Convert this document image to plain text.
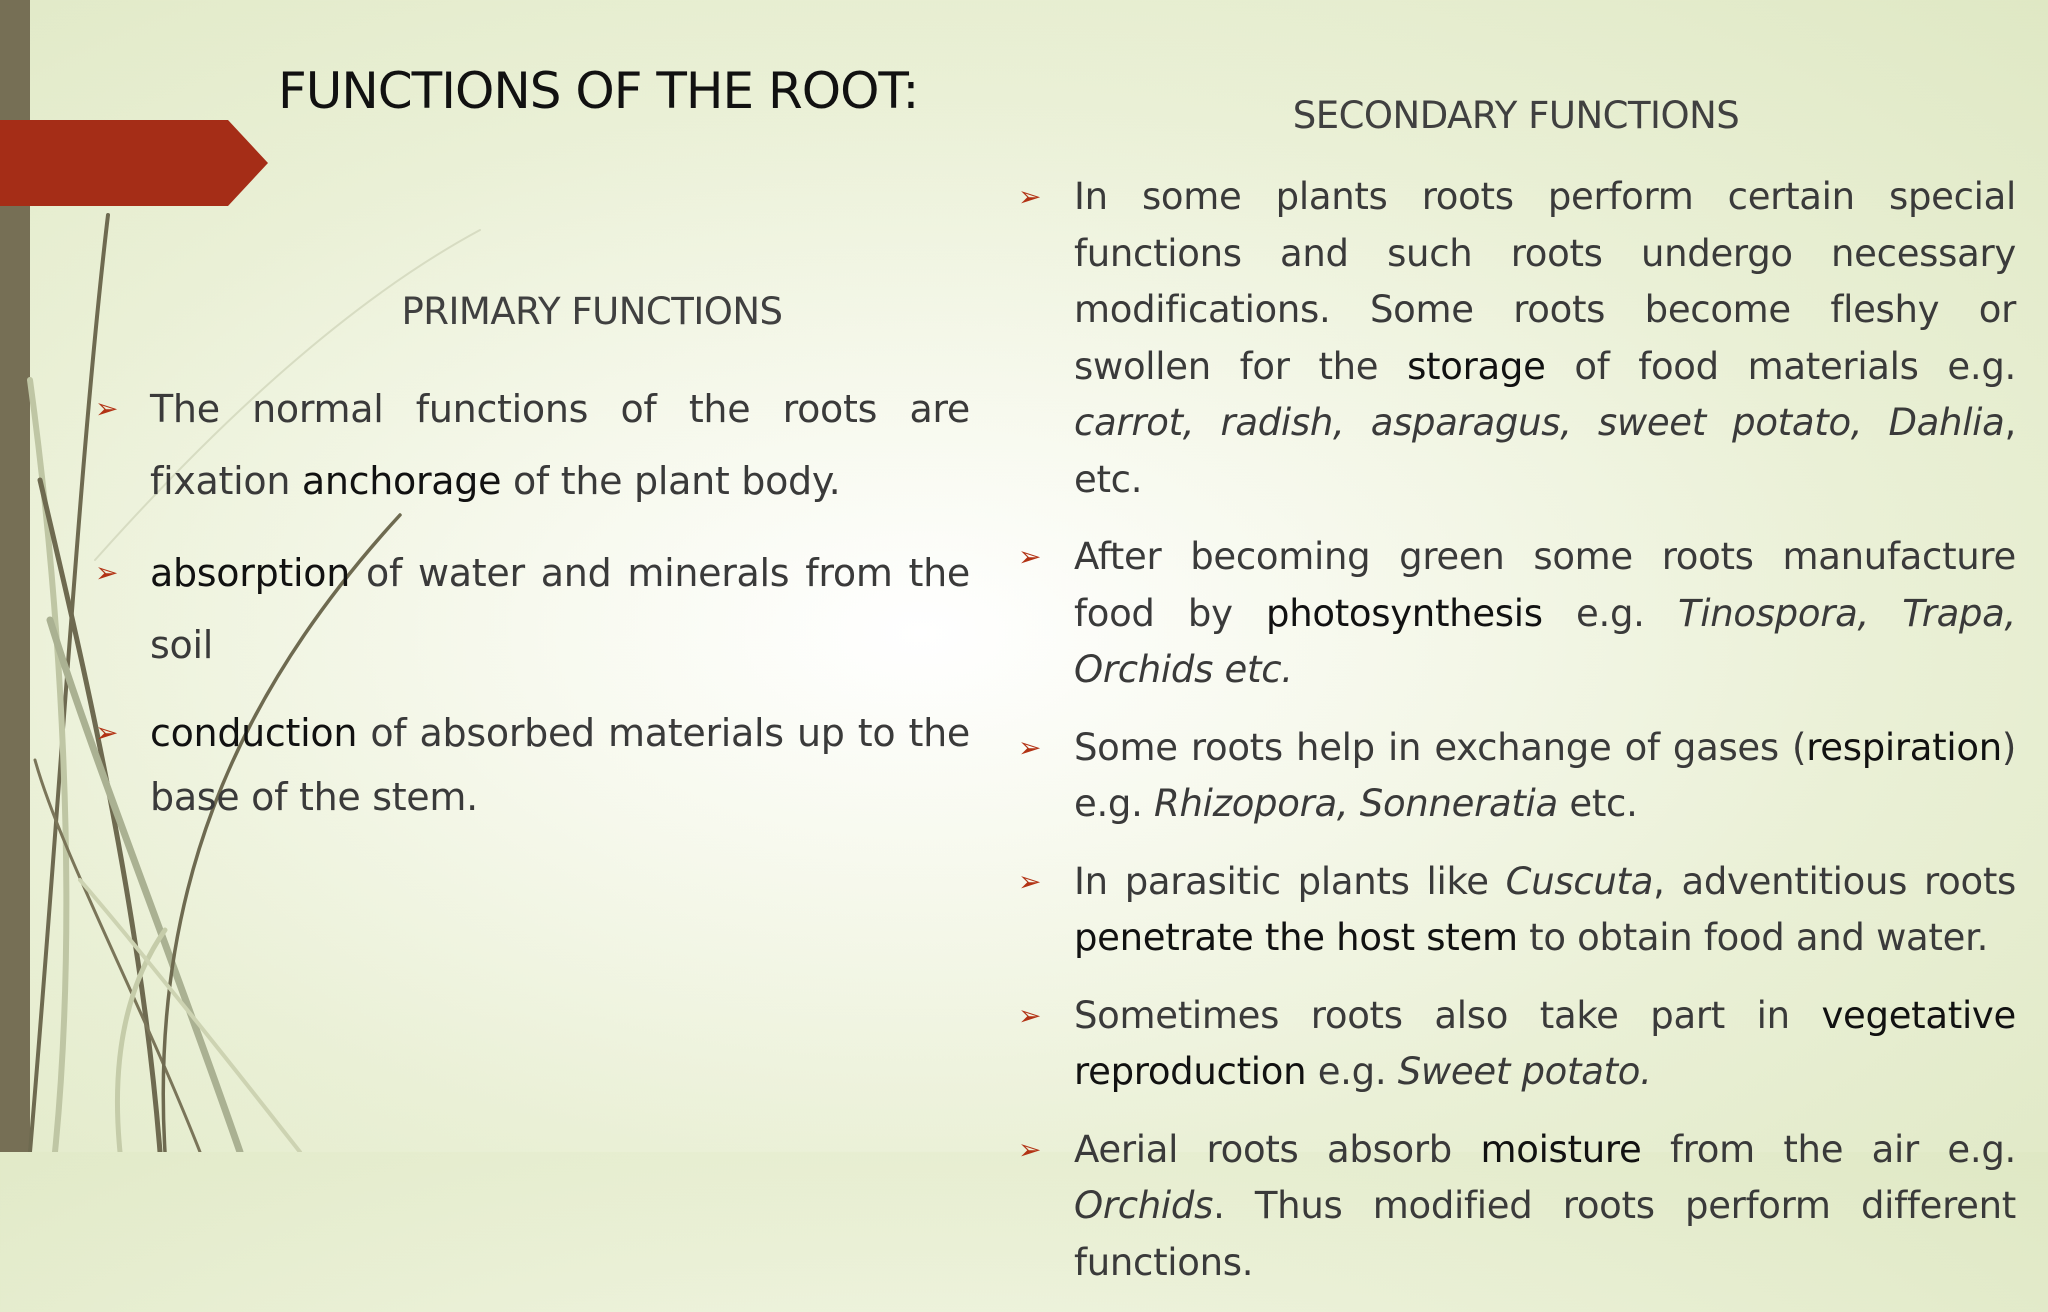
FUNCTIONS OF THE ROOT:
PRIMARY FUNCTIONS
➢ The normal functions of the roots are fixation anchorage of the plant body.
➢ absorption of water and minerals from the soil
➢ conduction of absorbed materials up to the base of the stem.
SECONDARY FUNCTIONS
➢ In some plants roots perform certain special functions and such roots undergo necessary modifications. Some roots become fleshy or swollen for the storage of food materials e.g. carrot, radish, asparagus, sweet potato, Dahlia, etc.
➢ After becoming green some roots manufacture food by photosynthesis e.g. Tinospora, Trapa, Orchids etc.
➢ Some roots help in exchange of gases (respiration) e.g. Rhizopora, Sonneratia etc.
➢ In parasitic plants like Cuscuta, adventitious roots penetrate the host stem to obtain food and water.
➢ Sometimes roots also take part in vegetative reproduction e.g. Sweet potato.
➢ Aerial roots absorb moisture from the air e.g. Orchids. Thus modified roots perform different functions.
